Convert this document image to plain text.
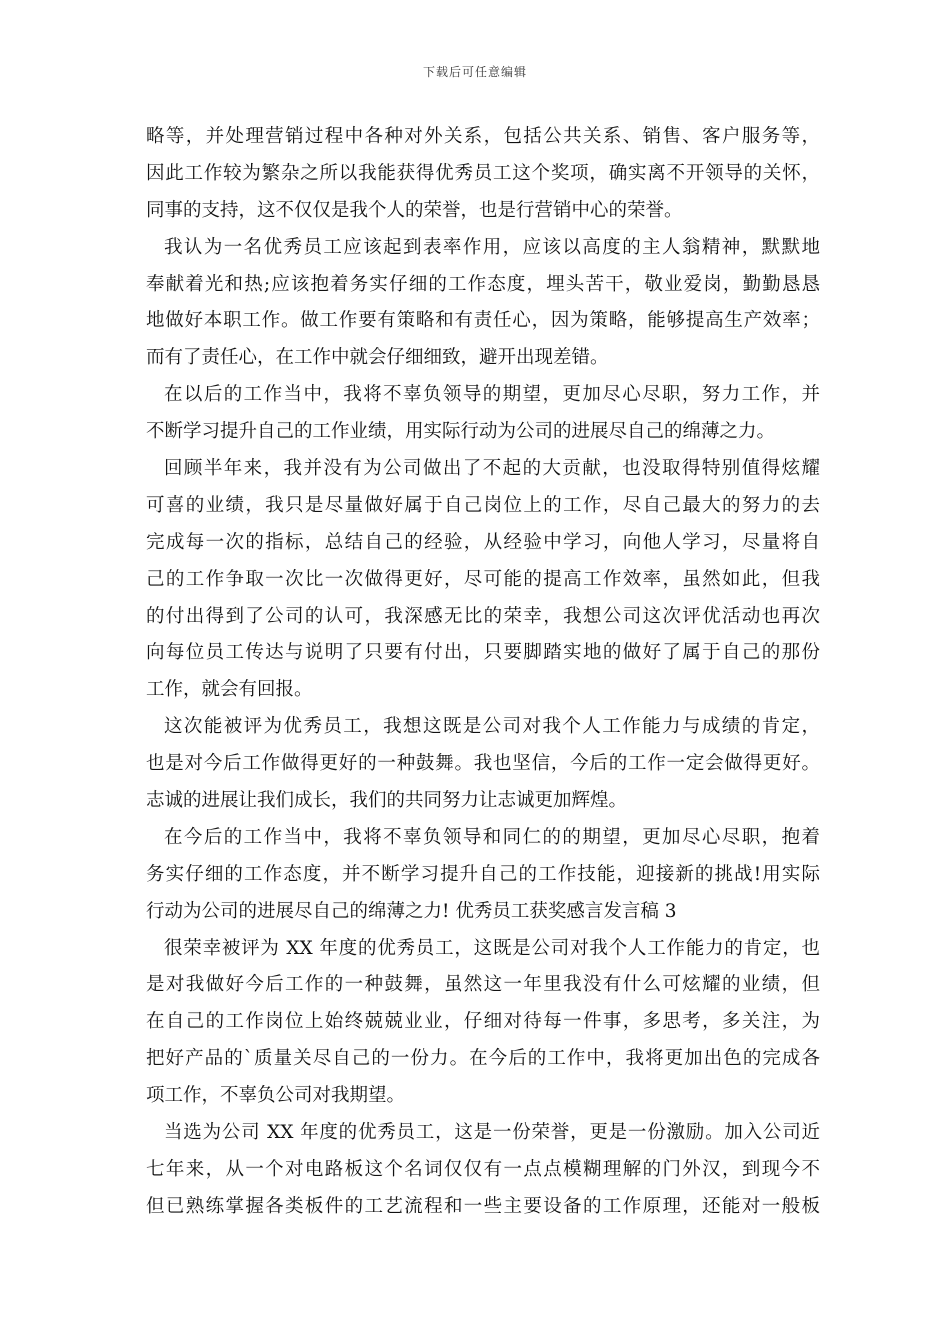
下载后可任意编辑
略等，并处理营销过程中各种对外关系，包括公共关系、销售、客户服务等，
因此工作较为繁杂之所以我能获得优秀员工这个奖项，确实离不开领导的关怀，
同事的支持，这不仅仅是我个人的荣誉，也是行营销中心的荣誉。
我认为一名优秀员工应该起到表率作用，应该以高度的主人翁精神，默默地
奉献着光和热;应该抱着务实仔细的工作态度，埋头苦干，敬业爱岗，勤勤恳恳
地做好本职工作。做工作要有策略和有责任心，因为策略，能够提高生产效率；
而有了责任心，在工作中就会仔细细致，避开出现差错。
在以后的工作当中，我将不辜负领导的期望，更加尽心尽职，努力工作，并
不断学习提升自己的工作业绩，用实际行动为公司的进展尽自己的绵薄之力。
回顾半年来，我并没有为公司做出了不起的大贡献，也没取得特别值得炫耀
可喜的业绩，我只是尽量做好属于自己岗位上的工作，尽自己最大的努力的去
完成每一次的指标，总结自己的经验，从经验中学习，向他人学习，尽量将自
己的工作争取一次比一次做得更好，尽可能的提高工作效率，虽然如此，但我
的付出得到了公司的认可，我深感无比的荣幸，我想公司这次评优活动也再次
向每位员工传达与说明了只要有付出，只要脚踏实地的做好了属于自己的那份
工作，就会有回报。
这次能被评为优秀员工，我想这既是公司对我个人工作能力与成绩的肯定，
也是对今后工作做得更好的一种鼓舞。我也坚信，今后的工作一定会做得更好。
志诚的进展让我们成长，我们的共同努力让志诚更加辉煌。
在今后的工作当中，我将不辜负领导和同仁的的期望，更加尽心尽职，抱着
务实仔细的工作态度，并不断学习提升自己的工作技能，迎接新的挑战!用实际
行动为公司的进展尽自己的绵薄之力! 优秀员工获奖感言发言稿 3
很荣幸被评为 XX 年度的优秀员工，这既是公司对我个人工作能力的肯定，也
是对我做好今后工作的一种鼓舞，虽然这一年里我没有什么可炫耀的业绩，但
在自己的工作岗位上始终兢兢业业，仔细对待每一件事，多思考，多关注，为
把好产品的`质量关尽自己的一份力。在今后的工作中，我将更加出色的完成各
项工作，不辜负公司对我期望。
当选为公司 XX 年度的优秀员工，这是一份荣誉，更是一份激励。加入公司近
七年来，从一个对电路板这个名词仅仅有一点点模糊理解的门外汉，到现今不
但已熟练掌握各类板件的工艺流程和一些主要设备的工作原理，还能对一般板
